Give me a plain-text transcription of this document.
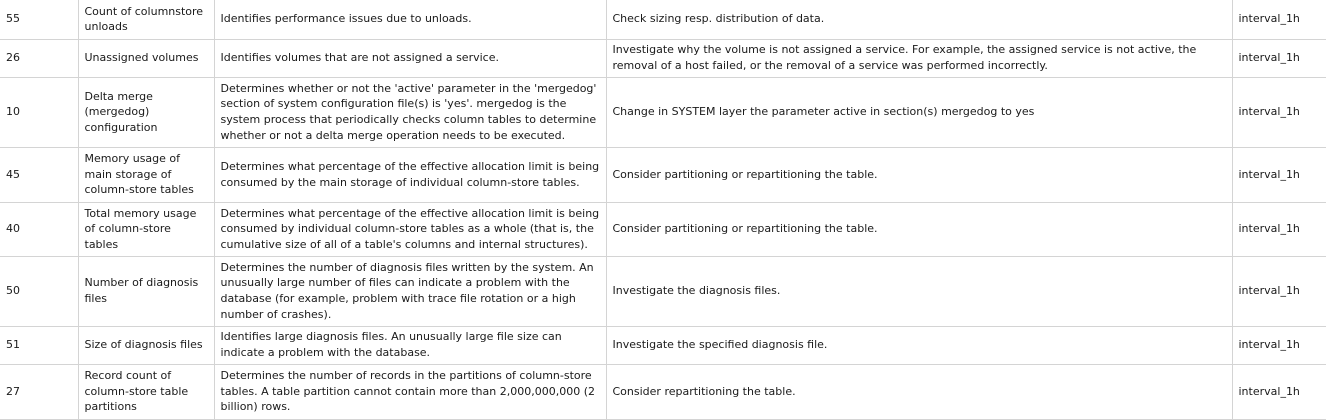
55	Count of columnstore unloads	Identifies performance issues due to unloads.	Check sizing resp. distribution of data.	interval_1h
26	Unassigned volumes	Identifies volumes that are not assigned a service.	Investigate why the volume is not assigned a service. For example, the assigned service is not active, the removal of a host failed, or the removal of a service was performed incorrectly.	interval_1h
10	Delta merge (mergedog) configuration	Determines whether or not the 'active' parameter in the 'mergedog' section of system configuration file(s) is 'yes'. mergedog is the system process that periodically checks column tables to determine whether or not a delta merge operation needs to be executed.	Change in SYSTEM layer the parameter active in section(s) mergedog to yes	interval_1h
45	Memory usage of main storage of column-store tables	Determines what percentage of the effective allocation limit is being consumed by the main storage of individual column-store tables.	Consider partitioning or repartitioning the table.	interval_1h
40	Total memory usage of column-store tables	Determines what percentage of the effective allocation limit is being consumed by individual column-store tables as a whole (that is, the cumulative size of all of a table's columns and internal structures).	Consider partitioning or repartitioning the table.	interval_1h
50	Number of diagnosis files	Determines the number of diagnosis files written by the system. An unusually large number of files can indicate a problem with the database (for example, problem with trace file rotation or a high number of crashes).	Investigate the diagnosis files.	interval_1h
51	Size of diagnosis files	Identifies large diagnosis files. An unusually large file size can indicate a problem with the database.	Investigate the specified diagnosis file.	interval_1h
27	Record count of column-store table partitions	Determines the number of records in the partitions of column-store tables. A table partition cannot contain more than 2,000,000,000 (2 billion) rows.	Consider repartitioning the table.	interval_1h
